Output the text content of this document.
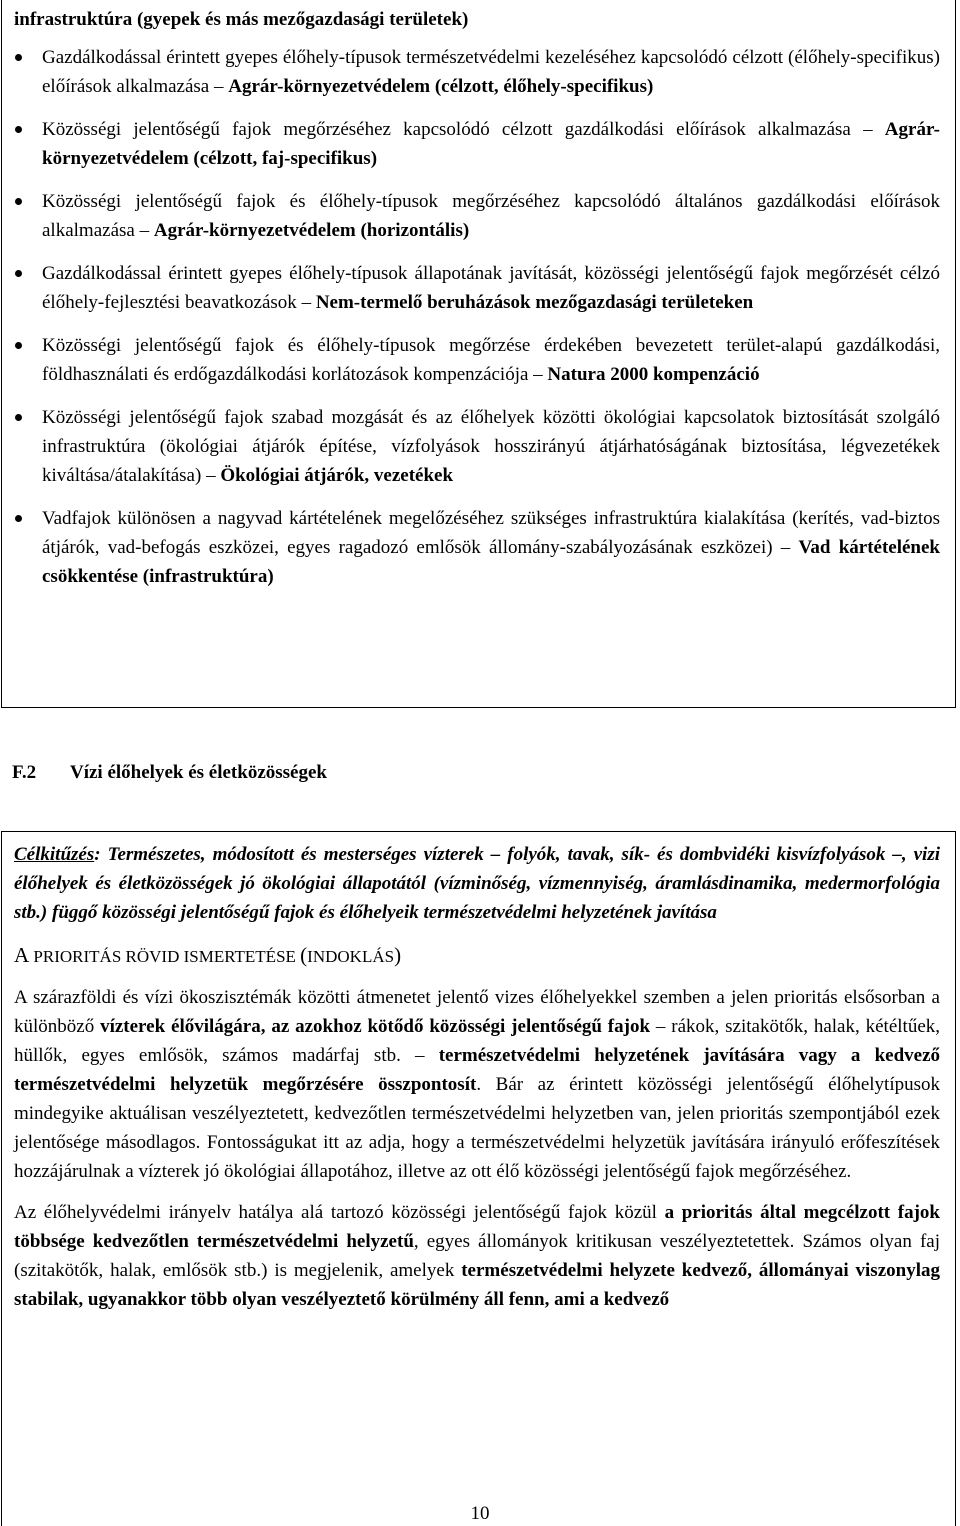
infrastruktúra (gyepek és más mezőgazdasági területek)
Gazdálkodással érintett gyepes élőhely-típusok természetvédelmi kezeléséhez kapcsolódó célzott (élőhely-specifikus) előírások alkalmazása – Agrár-környezetvédelem (célzott, élőhely-specifikus)
Közösségi jelentőségű fajok megőrzéséhez kapcsolódó célzott gazdálkodási előírások alkalmazása – Agrár-környezetvédelem (célzott, faj-specifikus)
Közösségi jelentőségű fajok és élőhely-típusok megőrzéséhez kapcsolódó általános gazdálkodási előírások alkalmazása – Agrár-környezetvédelem (horizontális)
Gazdálkodással érintett gyepes élőhely-típusok állapotának javítását, közösségi jelentőségű fajok megőrzését célzó élőhely-fejlesztési beavatkozások – Nem-termelő beruházások mezőgazdasági területeken
Közösségi jelentőségű fajok és élőhely-típusok megőrzése érdekében bevezetett terület-alapú gazdálkodási, földhasználati és erdőgazdálkodási korlátozások kompenzációja – Natura 2000 kompenzáció
Közösségi jelentőségű fajok szabad mozgását és az élőhelyek közötti ökológiai kapcsolatok biztosítását szolgáló infrastruktúra (ökológiai átjárók építése, vízfolyások hosszirányú átjárhatóságának biztosítása, légvezetékek kiváltása/átalakítása) – Ökológiai átjárók, vezetékek
Vadfajok különösen a nagyvad kártételének megelőzéséhez szükséges infrastruktúra kialakítása (kerítés, vad-biztos átjárók, vad-befogás eszközei, egyes ragadozó emlősök állomány-szabályozásának eszközei) – Vad kártételének csökkentése (infrastruktúra)
F.2 Vízi élőhelyek és életközösségek
Célkitűzés: Természetes, módosított és mesterséges vízterek – folyók, tavak, sík- és dombvidéki kisvízfolyások –, vizi élőhelyek és életközösségek jó ökológiai állapotától (vízminőség, vízmennyiség, áramlásdinamika, medermorfológia stb.) függő közösségi jelentőségű fajok és élőhelyeik természetvédelmi helyzetének javítása
A PRIORITÁS RÖVID ISMERTETÉSE (INDOKLÁS)
A szárazföldi és vízi ökoszisztémák közötti átmenetet jelentő vizes élőhelyekkel szemben a jelen prioritás elsősorban a különböző vízterek élővilágára, az azokhoz kötődő közösségi jelentőségű fajok – rákok, szitakötők, halak, kétéltűek, hüllők, egyes emlősök, számos madárfaj stb. – természetvédelmi helyzetének javítására vagy a kedvező természetvédelmi helyzetük megőrzésére összpontosít. Bár az érintett közösségi jelentőségű élőhelytípusok mindegyike aktuálisan veszélyeztetett, kedvezőtlen természetvédelmi helyzetben van, jelen prioritás szempontjából ezek jelentősége másodlagos. Fontosságukat itt az adja, hogy a természetvédelmi helyzetük javítására irányuló erőfeszítések hozzájárulnak a vízterek jó ökológiai állapotához, illetve az ott élő közösségi jelentőségű fajok megőrzéséhez.
Az élőhelyvédelmi irányelv hatálya alá tartozó közösségi jelentőségű fajok közül a prioritás által megcélzott fajok többsége kedvezőtlen természetvédelmi helyzetű, egyes állományok kritikusan veszélyeztetettek. Számos olyan faj (szitakötők, halak, emlősök stb.) is megjelenik, amelyek természetvédelmi helyzete kedvező, állományai viszonylag stabilak, ugyanakkor több olyan veszélyeztető körülmény áll fenn, ami a kedvező
10
